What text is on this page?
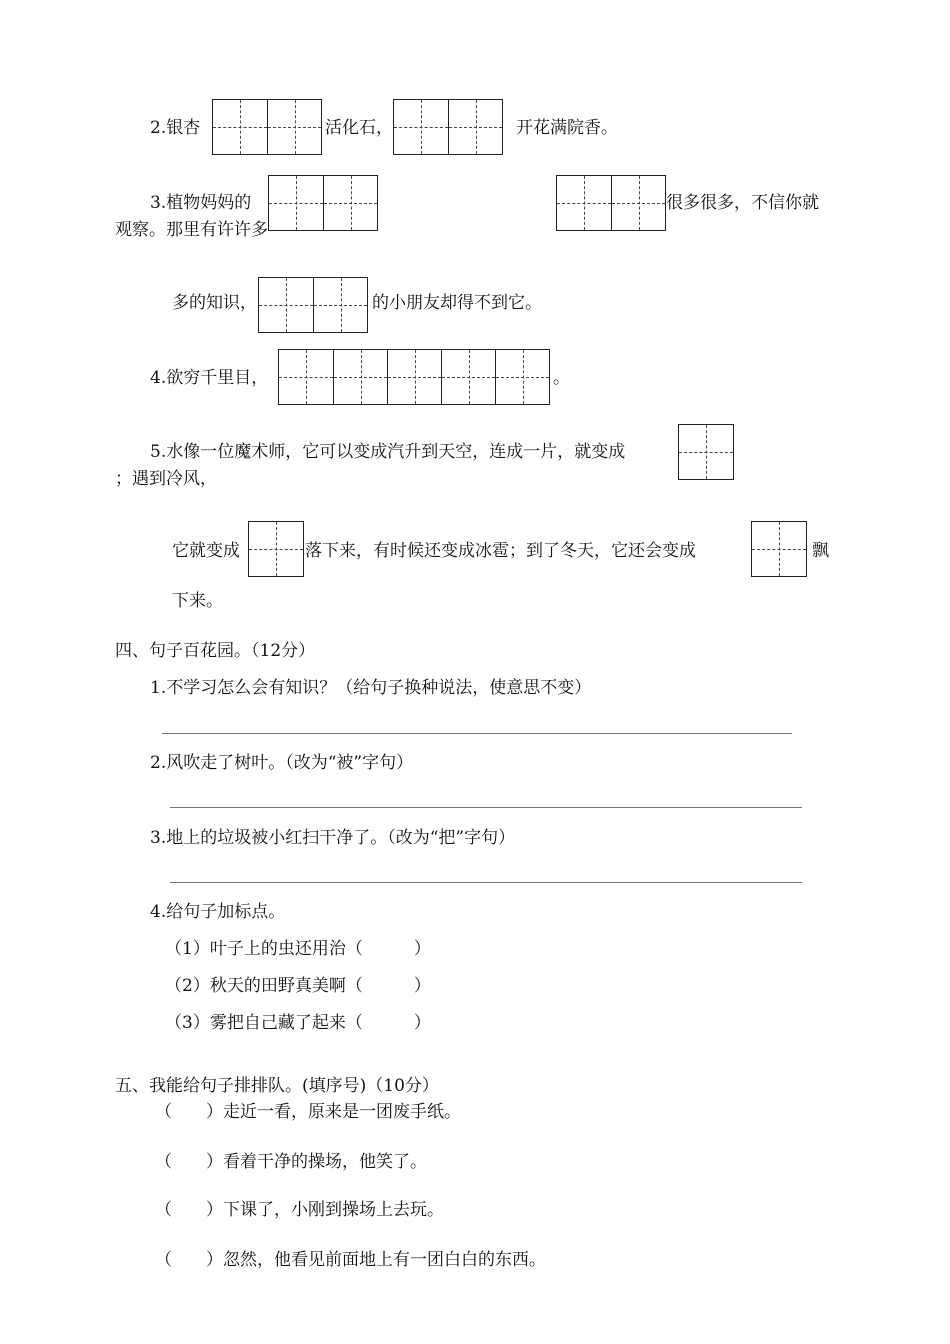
2.银杏	活化石，	开花满院香。
3.植物妈妈的	很多很多，不信你就
观察。那里有许许多
多的知识，	的小朋友却得不到它。
4.欲穷千里目，	。
5.水像一位魔术师，它可以变成汽升到天空，连成一片，就变成
；遇到冷风，
它就变成	落下来，有时候还变成冰雹；到了冬天，它还会变成	飘
下来。
四、句子百花园。（12分）
1.不学习怎么会有知识？（给句子换种说法，使意思不变）
2.风吹走了树叶。（改为“被”字句）
3.地上的垃圾被小红扫干净了。（改为“把”字句）
4.给句子加标点。
（1）叶子上的虫还用治（　　　）
（2）秋天的田野真美啊（　　　）
（3）雾把自己藏了起来（　　　）
五、我能给句子排排队。(填序号)（10分）
（　　）走近一看，原来是一团废手纸。
（　　）看着干净的操场，他笑了。
（　　）下课了，小刚到操场上去玩。
（　　）忽然，他看见前面地上有一团白白的东西。
